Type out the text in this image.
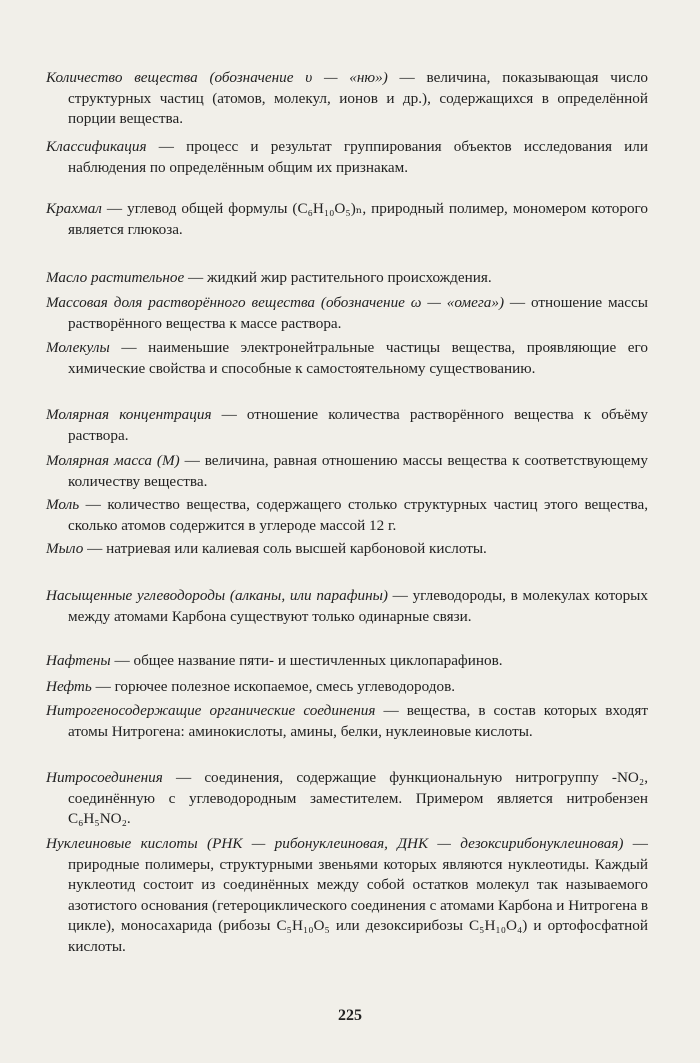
Количество вещества (обозначение υ — «ню») — величина, показывающая число структурных частиц (атомов, молекул, ионов и др.), содержащихся в определённой порции вещества.

Классификация — процесс и результат группирования объектов исследования или наблюдения по определённым общим их признакам.

Крахмал — углевод общей формулы (C₆H₁₀O₅)ₙ, природный полимер, мономером которого является глюкоза.

Масло растительное — жидкий жир растительного происхождения.

Массовая доля растворённого вещества (обозначение ω — «омега») — отношение массы растворённого вещества к массе раствора.

Молекулы — наименьшие электронейтральные частицы вещества, проявляющие его химические свойства и способные к самостоятельному существованию.

Молярная концентрация — отношение количества растворённого вещества к объёму раствора.

Молярная масса (M) — величина, равная отношению массы вещества к соответствующему количеству вещества.

Моль — количество вещества, содержащего столько структурных частиц этого вещества, сколько атомов содержится в углероде массой 12 г.

Мыло — натриевая или калиевая соль высшей карбоновой кислоты.

Насыщенные углеводороды (алканы, или парафины) — углеводороды, в молекулах которых между атомами Карбона существуют только одинарные связи.

Нафтены — общее название пяти- и шестичленных циклопарафинов.

Нефть — горючее полезное ископаемое, смесь углеводородов.

Нитрогеносодержащие органические соединения — вещества, в состав которых входят атомы Нитрогена: аминокислоты, амины, белки, нуклеиновые кислоты.

Нитросоединения — соединения, содержащие функциональную нитрогруппу -NO₂, соединённую с углеводородным заместителем. Примером является нитробензен C₆H₅NO₂.

Нуклеиновые кислоты (РНК — рибонуклеиновая, ДНК — дезоксирибонуклеиновая) — природные полимеры, структурными звеньями которых являются нуклеотиды. Каждый нуклеотид состоит из соединённых между собой остатков молекул так называемого азотистого основания (гетероциклического соединения с атомами Карбона и Нитрогена в цикле), моносахарида (рибозы C₅H₁₀O₅ или дезоксирибозы C₅H₁₀O₄) и ортофосфатной кислоты.

225
